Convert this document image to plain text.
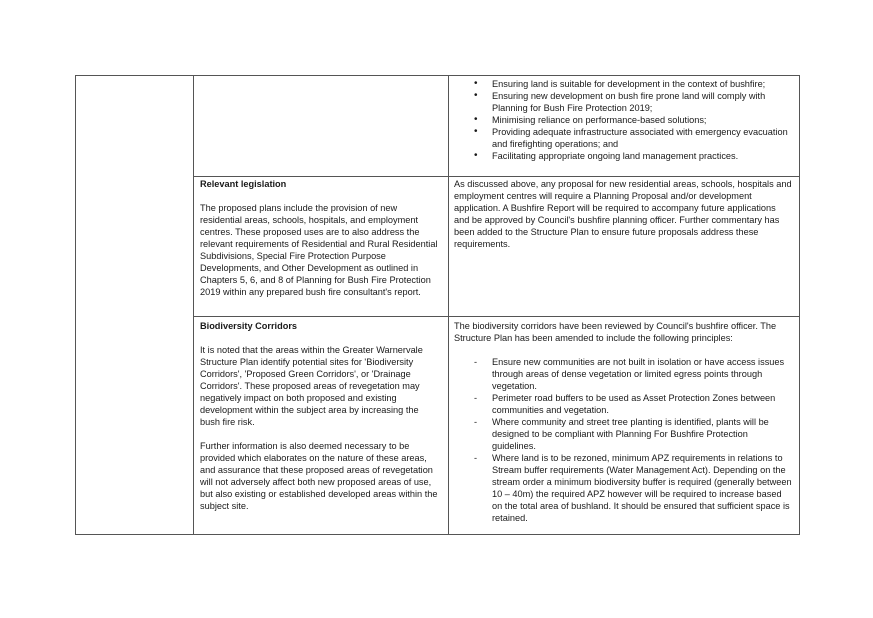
• Ensuring land is suitable for development in the context of bushfire;
• Ensuring new development on bush fire prone land will comply with Planning for Bush Fire Protection 2019;
• Minimising reliance on performance-based solutions;
• Providing adequate infrastructure associated with emergency evacuation and firefighting operations; and
• Facilitating appropriate ongoing land management practices.

Relevant legislation

The proposed plans include the provision of new residential areas, schools, hospitals, and employment centres. These proposed uses are to also address the relevant requirements of Residential and Rural Residential Subdivisions, Special Fire Protection Purpose Developments, and Other Development as outlined in Chapters 5, 6, and 8 of Planning for Bush Fire Protection 2019 within any prepared bush fire consultant's report.

As discussed above, any proposal for new residential areas, schools, hospitals and employment centres will require a Planning Proposal and/or development application. A Bushfire Report will be required to accompany future applications and be approved by Council's bushfire planning officer. Further commentary has been added to the Structure Plan to ensure future proposals address these requirements.

Biodiversity Corridors

It is noted that the areas within the Greater Warnervale Structure Plan identify potential sites for 'Biodiversity Corridors', 'Proposed Green Corridors', or 'Drainage Corridors'. These proposed areas of revegetation may negatively impact on both proposed and existing development within the subject area by increasing the bush fire risk.

Further information is also deemed necessary to be provided which elaborates on the nature of these areas, and assurance that these proposed areas of revegetation will not adversely affect both new proposed areas of use, but also existing or established developed areas within the subject site.

The biodiversity corridors have been reviewed by Council's bushfire officer. The Structure Plan has been amended to include the following principles:

- Ensure new communities are not built in isolation or have access issues through areas of dense vegetation or limited egress points through vegetation.
- Perimeter road buffers to be used as Asset Protection Zones between communities and vegetation.
- Where community and street tree planting is identified, plants will be designed to be compliant with Planning For Bushfire Protection guidelines.
- Where land is to be rezoned, minimum APZ requirements in relations to Stream buffer requirements (Water Management Act). Depending on the stream order a minimum biodiversity buffer is required (generally between 10 – 40m) the required APZ however will be required to increase based on the total area of bushland. It should be ensured that sufficient space is retained.
